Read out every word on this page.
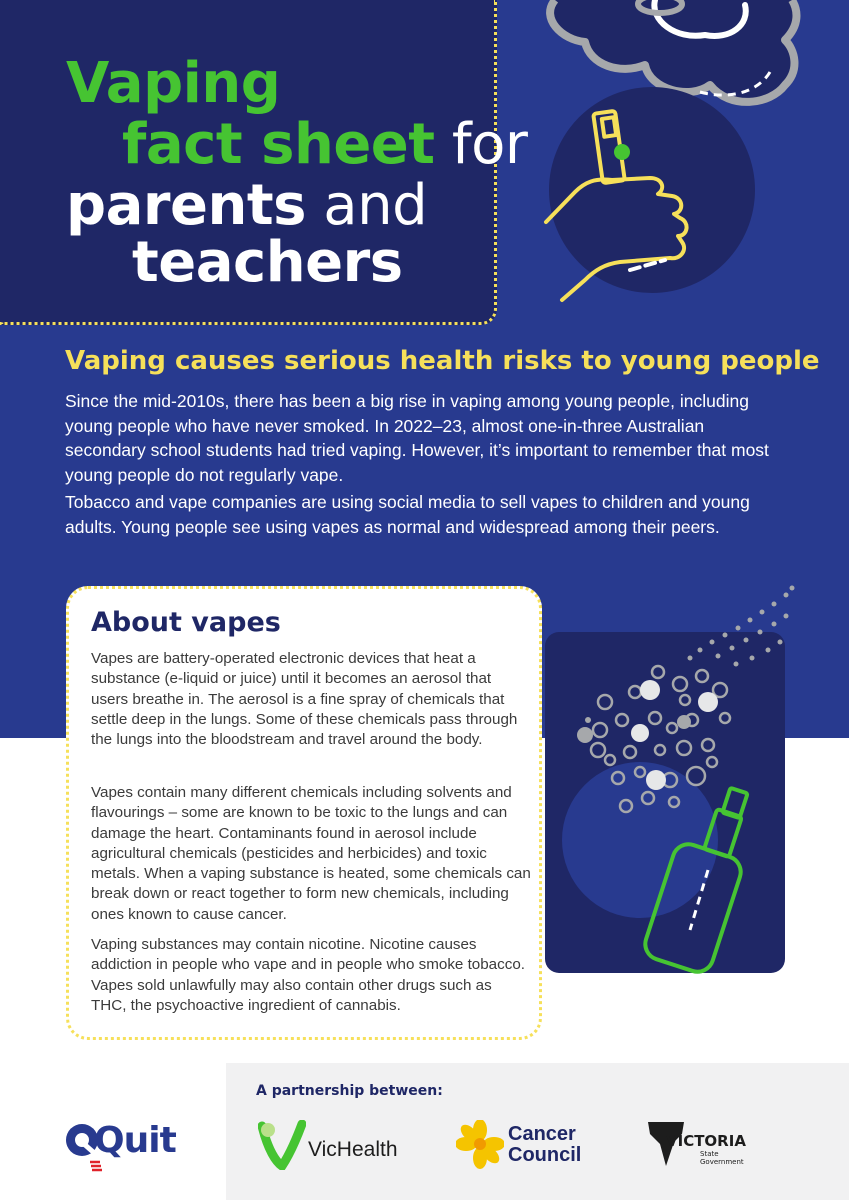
Vaping
fact sheet for
parents and
teachers
Vaping causes serious health risks to young people
Since the mid-2010s, there has been a big rise in vaping among young people, including young people who have never smoked. In 2022–23, almost one-in-three Australian secondary school students had tried vaping. However, it’s important to remember that most young people do not regularly vape.
Tobacco and vape companies are using social media to sell vapes to children and young adults. Young people see using vapes as normal and widespread among their peers.
About vapes
Vapes are battery-operated electronic devices that heat a substance (e-liquid or juice) until it becomes an aerosol that users breathe in. The aerosol is a fine spray of chemicals that settle deep in the lungs. Some of these chemicals pass through the lungs into the bloodstream and travel around the body.
Vapes contain many different chemicals including solvents and flavourings – some are known to be toxic to the lungs and can damage the heart. Contaminants found in aerosol include agricultural chemicals (pesticides and herbicides) and toxic metals. When a vaping substance is heated, some chemicals can break down or react together to form new chemicals, including ones known to cause cancer.
Vaping substances may contain nicotine. Nicotine causes addiction in people who vape and in people who smoke tobacco. Vapes sold unlawfully may also contain other drugs such as THC, the psychoactive ingredient of cannabis.
A partnership between:
Quit	VicHealth
Cancer
Council
VICTORIA
State
Government
